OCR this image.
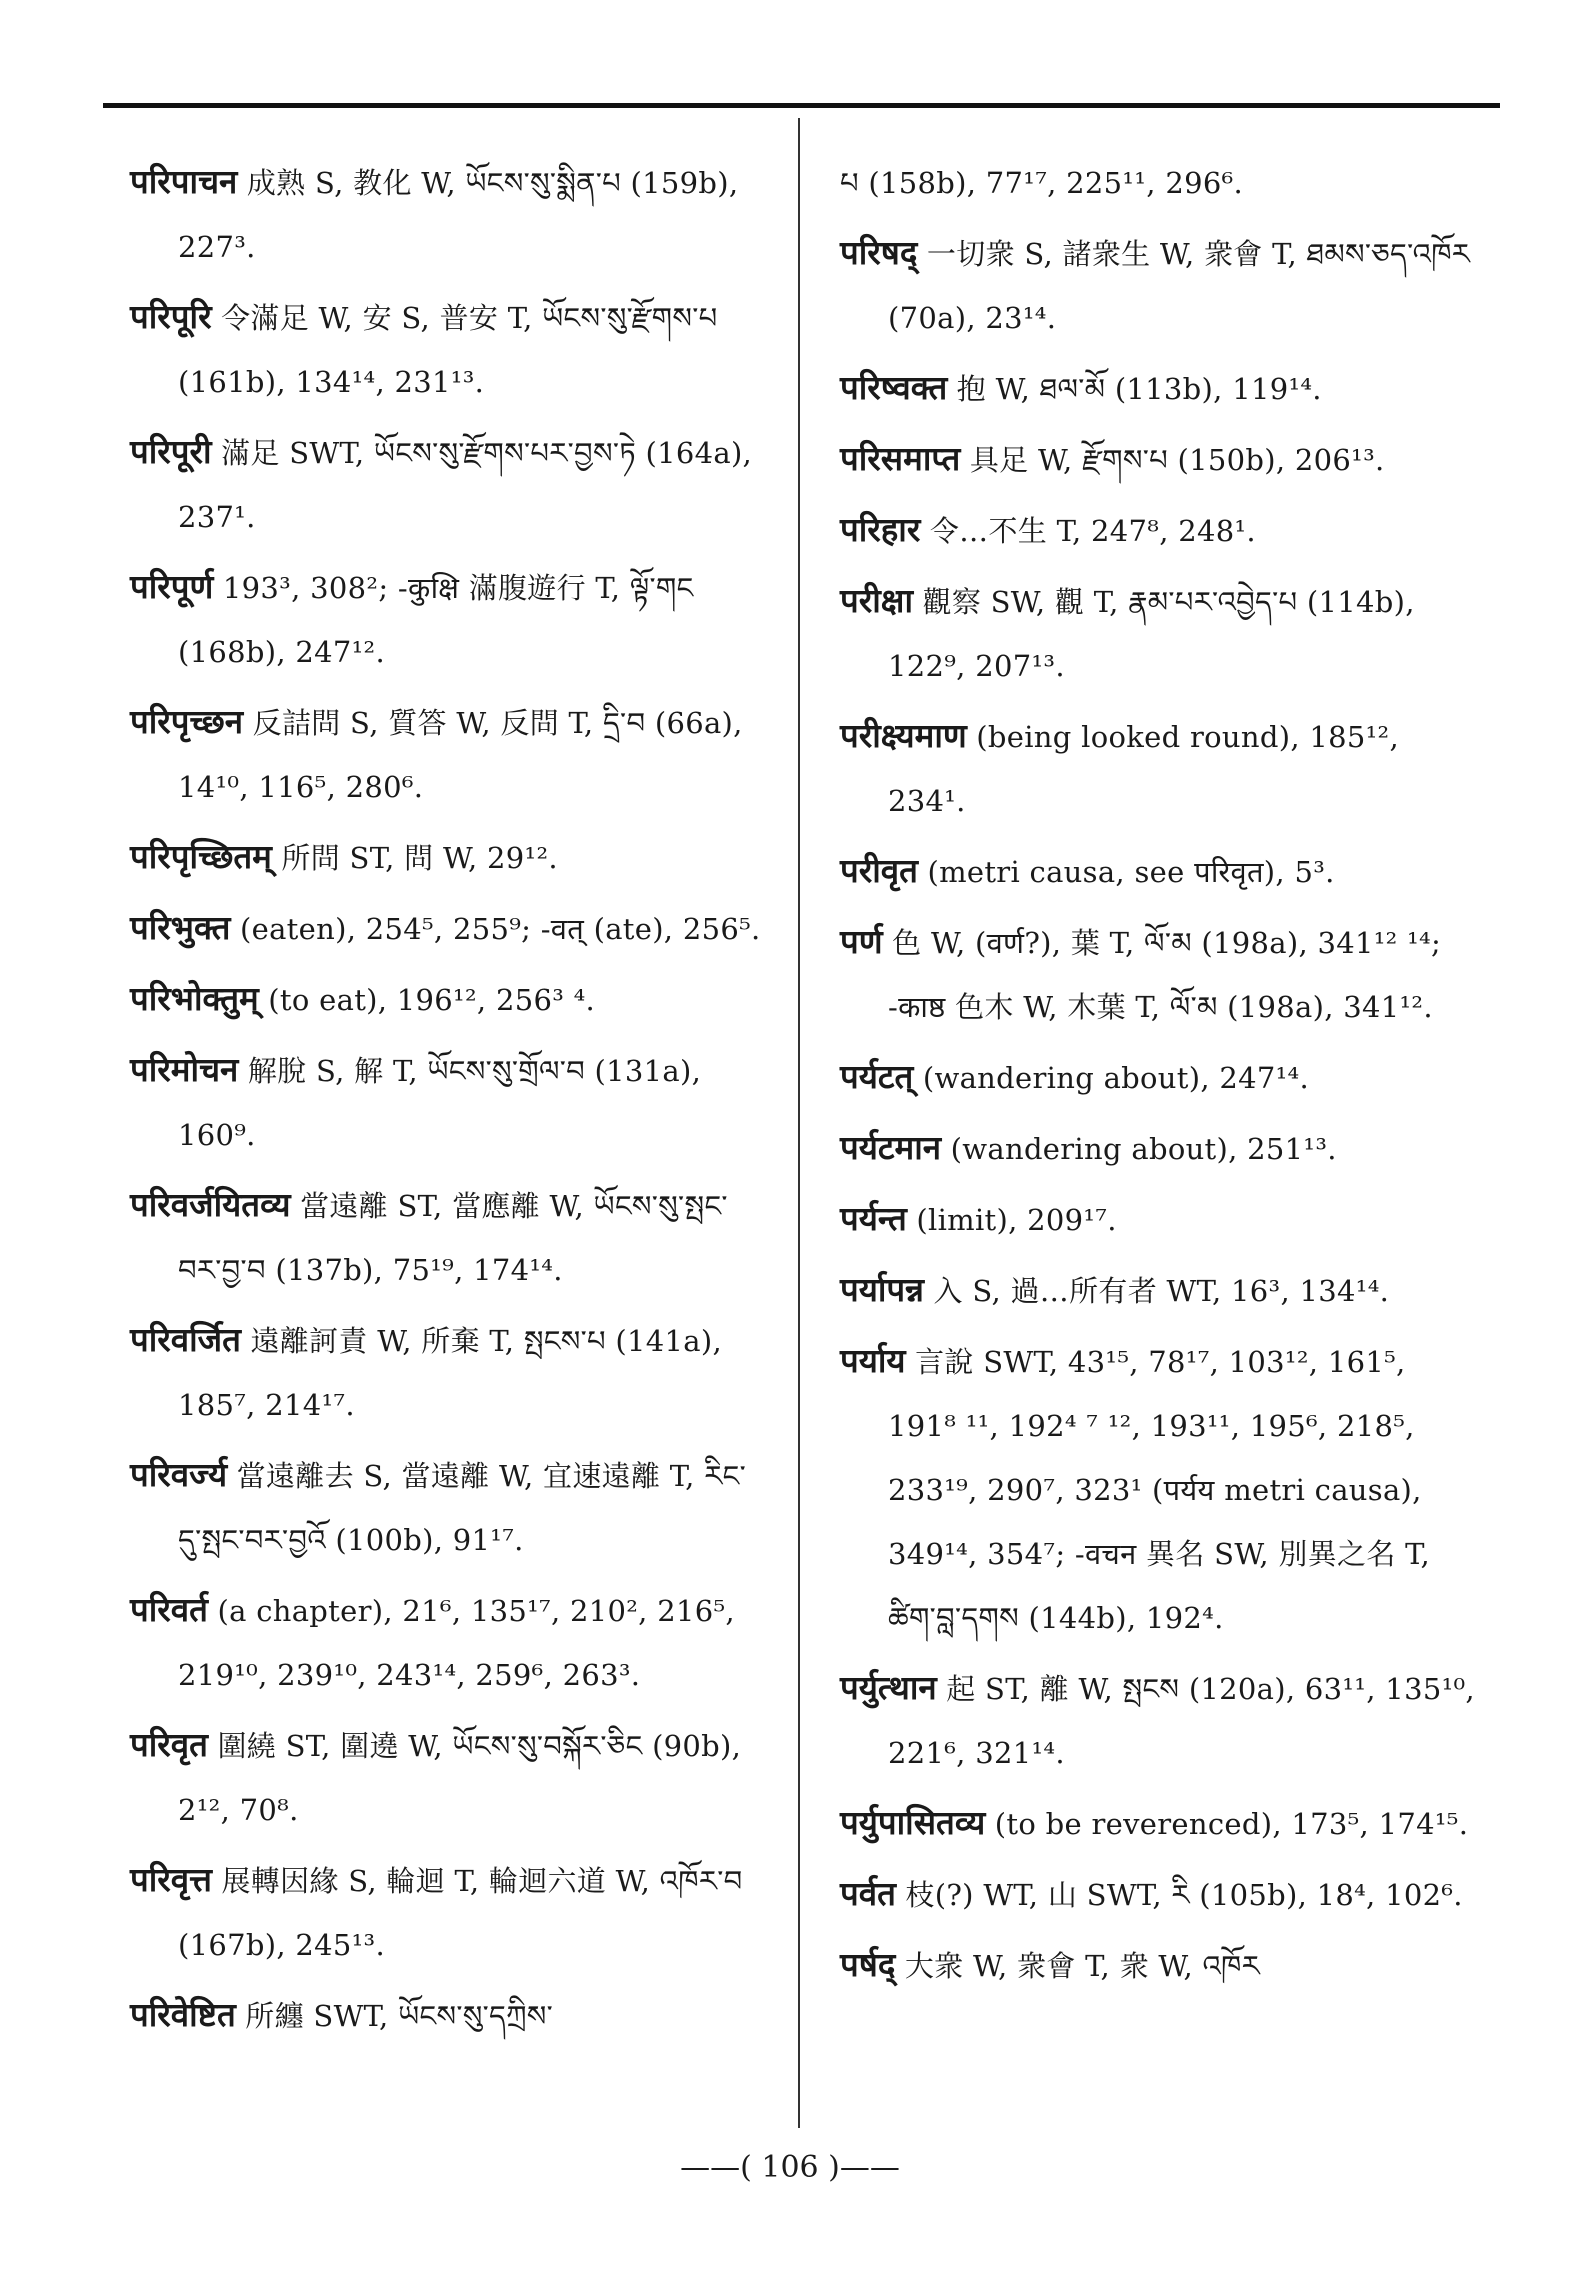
परिपाचन 成熟 S, 教化 W, ཡོངས་སུ་སྨིན་པ (159b), 227³.

परिपूरि 令滿足 W, 安 S, 普安 T, ཡོངས་སུ་རྫོགས་པ (161b), 134¹⁴, 231¹³.

परिपूरी 滿足 SWT, ཡོངས་སུ་རྫོགས་པར་བྱས་ཏེ (164a), 237¹.

परिपूर्ण 193³, 308²; -कुक्षि 滿腹遊行 T, ལྟོ་གང (168b), 247¹².

परिपृच्छन 反詰問 S, 質答 W, 反問 T, དྲི་བ (66a), 14¹⁰, 116⁵, 280⁶.

परिपृच्छितम् 所問 ST, 問 W, 29¹².

परिभुक्त (eaten), 254⁵, 255⁹; -वत् (ate), 256⁵.

परिभोक्तुम् (to eat), 196¹², 256³ ⁴.

परिमोचन 解脫 S, 解 T, ཡོངས་སུ་གྲོལ་བ (131a), 160⁹.

परिवर्जयितव्य 當遠離 ST, 當應離 W, ཡོངས་སུ་སྤང་བར་བྱ་བ (137b), 75¹⁹, 174¹⁴.

परिवर्जित 遠離訶責 W, 所棄 T, སྤངས་པ (141a), 185⁷, 214¹⁷.

परिवर्ज्य 當遠離去 S, 當遠離 W, 宜速遠離 T, རིང་དུ་སྤང་བར་བྱའོ (100b), 91¹⁷.

परिवर्त (a chapter), 21⁶, 135¹⁷, 210², 216⁵, 219¹⁰, 239¹⁰, 243¹⁴, 259⁶, 263³.

परिवृत 圍繞 ST, 圍遶 W, ཡོངས་སུ་བསྐོར་ཅིང (90b), 2¹², 70⁸.

परिवृत्त 展轉因緣 S, 輪迴 T, 輪迴六道 W, འཁོར་བ (167b), 245¹³.

परिवेष्टित 所纏 SWT, ཡོངས་སུ་དཀྲིས་

པ (158b), 77¹⁷, 225¹¹, 296⁶.

परिषद् 一切衆 S, 諸衆生 W, 衆會 T, ཐམས་ཅད་འཁོར (70a), 23¹⁴.

परिष्वक्त 抱 W, ཐལ་མོ (113b), 119¹⁴.

परिसमाप्त 具足 W, རྫོགས་པ (150b), 206¹³.

परिहार 令…不生 T, 247⁸, 248¹.

परीक्षा 觀察 SW, 觀 T, རྣམ་པར་འབྱེད་པ (114b), 122⁹, 207¹³.

परीक्ष्यमाण (being looked round), 185¹², 234¹.

परीवृत (metri causa, see परिवृत), 5³.

पर्ण 色 W, (वर्ण?), 葉 T, ལོ་མ (198a), 341¹² ¹⁴; -काष्ठ 色木 W, 木葉 T, ལོ་མ (198a), 341¹².

पर्यटत् (wandering about), 247¹⁴.

पर्यटमान (wandering about), 251¹³.

पर्यन्त (limit), 209¹⁷.

पर्यापन्न 入 S, 過…所有者 WT, 16³, 134¹⁴.

पर्याय 言說 SWT, 43¹⁵, 78¹⁷, 103¹², 161⁵, 191⁸ ¹¹, 192⁴ ⁷ ¹², 193¹¹, 195⁶, 218⁵, 233¹⁹, 290⁷, 323¹ (पर्यय metri causa), 349¹⁴, 354⁷; -वचन 異名 SW, 別異之名 T, ཚིག་བླ་དགས (144b), 192⁴.

पर्युत्थान 起 ST, 離 W, སྤངས (120a), 63¹¹, 135¹⁰, 221⁶, 321¹⁴.

पर्युपासितव्य (to be reverenced), 173⁵, 174¹⁵.

पर्वत 枝(?) WT, 山 SWT, རི (105b), 18⁴, 102⁶.

पर्षद् 大衆 W, 衆會 T, 衆 W, འཁོར

——( 106 )——
